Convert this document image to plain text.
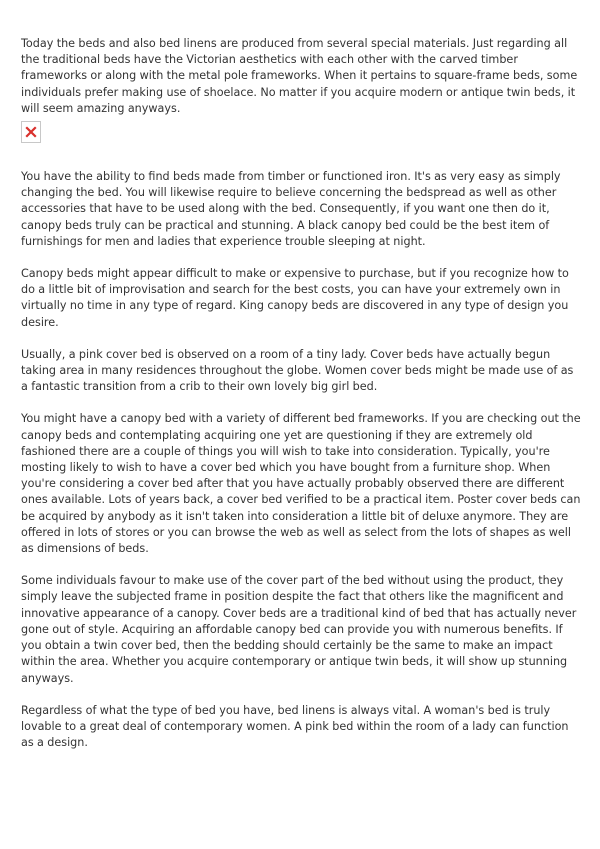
Today the beds and also bed linens are produced from several special materials. Just regarding all the traditional beds have the Victorian aesthetics with each other with the carved timber frameworks or along with the metal pole frameworks. When it pertains to square-frame beds, some individuals prefer making use of shoelace. No matter if you acquire modern or antique twin beds, it will seem amazing anyways.

You have the ability to find beds made from timber or functioned iron. It's as very easy as simply changing the bed. You will likewise require to believe concerning the bedspread as well as other accessories that have to be used along with the bed. Consequently, if you want one then do it, canopy beds truly can be practical and stunning. A black canopy bed could be the best item of furnishings for men and ladies that experience trouble sleeping at night.

Canopy beds might appear difficult to make or expensive to purchase, but if you recognize how to do a little bit of improvisation and search for the best costs, you can have your extremely own in virtually no time in any type of regard. King canopy beds are discovered in any type of design you desire.

Usually, a pink cover bed is observed on a room of a tiny lady. Cover beds have actually begun taking area in many residences throughout the globe. Women cover beds might be made use of as a fantastic transition from a crib to their own lovely big girl bed.

You might have a canopy bed with a variety of different bed frameworks. If you are checking out the canopy beds and contemplating acquiring one yet are questioning if they are extremely old fashioned there are a couple of things you will wish to take into consideration. Typically, you're mosting likely to wish to have a cover bed which you have bought from a furniture shop. When you're considering a cover bed after that you have actually probably observed there are different ones available. Lots of years back, a cover bed verified to be a practical item. Poster cover beds can be acquired by anybody as it isn't taken into consideration a little bit of deluxe anymore. They are offered in lots of stores or you can browse the web as well as select from the lots of shapes as well as dimensions of beds.

Some individuals favour to make use of the cover part of the bed without using the product, they simply leave the subjected frame in position despite the fact that others like the magnificent and innovative appearance of a canopy. Cover beds are a traditional kind of bed that has actually never gone out of style. Acquiring an affordable canopy bed can provide you with numerous benefits. If you obtain a twin cover bed, then the bedding should certainly be the same to make an impact within the area. Whether you acquire contemporary or antique twin beds, it will show up stunning anyways.

Regardless of what the type of bed you have, bed linens is always vital. A woman's bed is truly lovable to a great deal of contemporary women. A pink bed within the room of a lady can function as a design.
